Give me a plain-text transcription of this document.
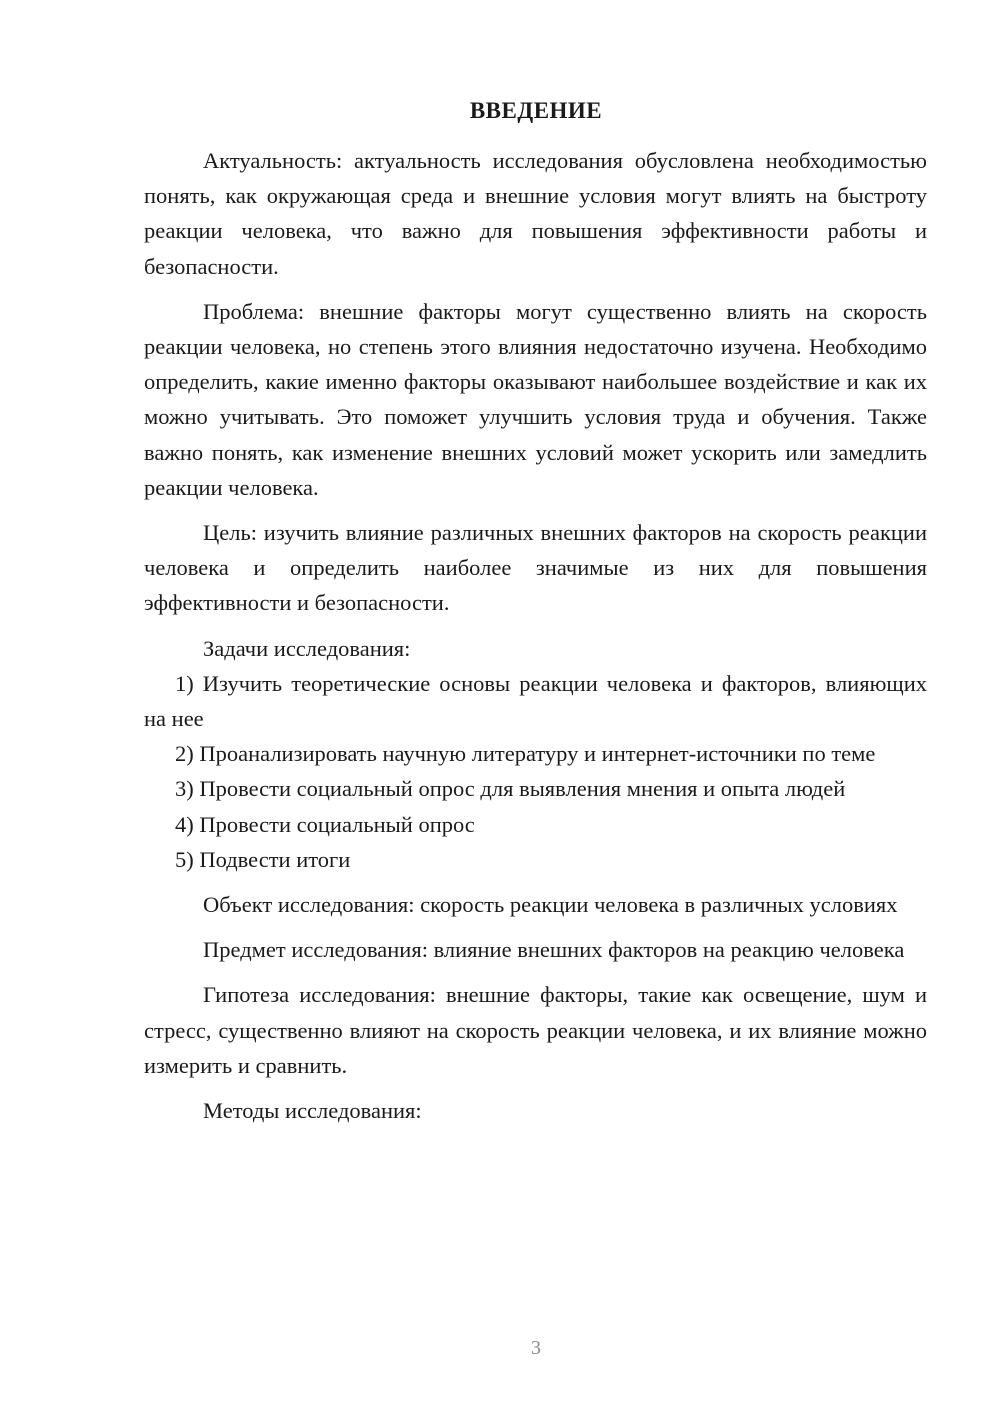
ВВЕДЕНИЕ

Актуальность: актуальность исследования обусловлена необходимостью понять, как окружающая среда и внешние условия могут влиять на быстроту реакции человека, что важно для повышения эффективности работы и безопасности.

Проблема: внешние факторы могут существенно влиять на скорость реакции человека, но степень этого влияния недостаточно изучена. Необходимо определить, какие именно факторы оказывают наибольшее воздействие и как их можно учитывать. Это поможет улучшить условия труда и обучения. Также важно понять, как изменение внешних условий может ускорить или замедлить реакции человека.

Цель: изучить влияние различных внешних факторов на скорость реакции человека и определить наиболее значимые из них для повышения эффективности и безопасности.

Задачи исследования:

1) Изучить теоретические основы реакции человека и факторов, влияющих на нее

2) Проанализировать научную литературу и интернет-источники по теме

3) Провести социальный опрос для выявления мнения и опыта людей

4) Провести социальный опрос

5) Подвести итоги

Объект исследования: скорость реакции человека в различных условиях

Предмет исследования: влияние внешних факторов на реакцию человека

Гипотеза исследования: внешние факторы, такие как освещение, шум и стресс, существенно влияют на скорость реакции человека, и их влияние можно измерить и сравнить.

Методы исследования:

3
